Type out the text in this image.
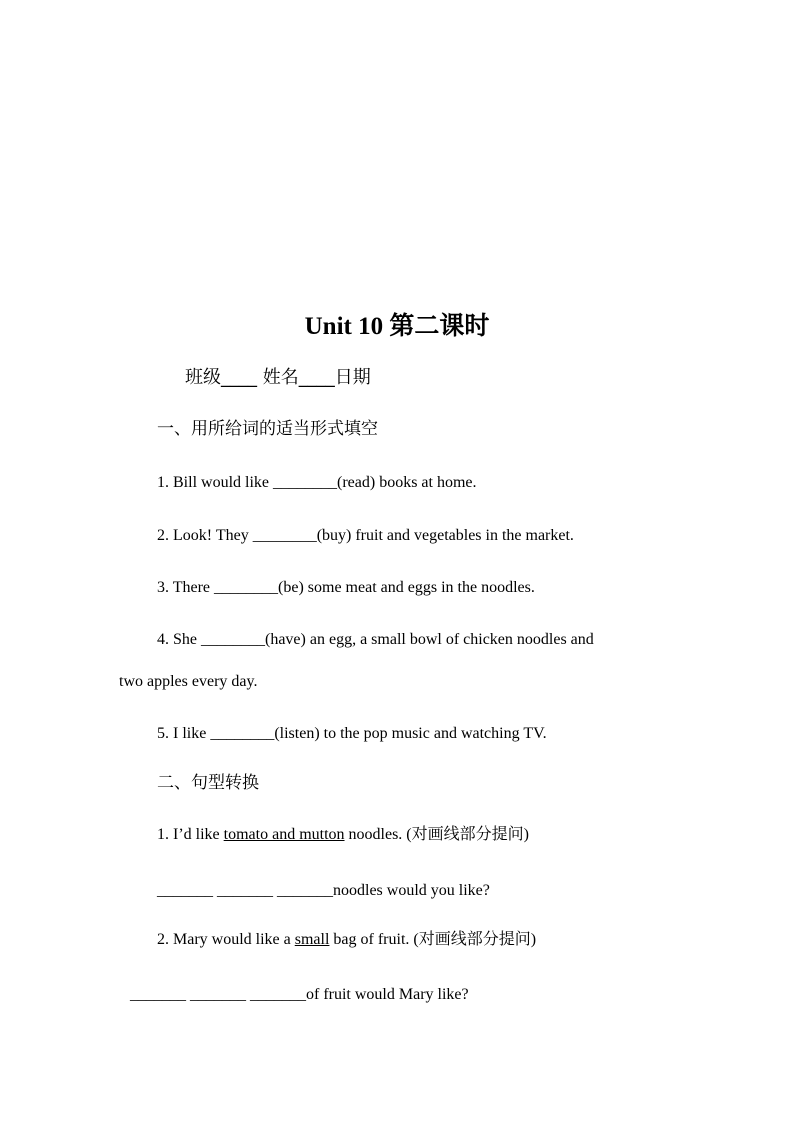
Unit 10 第二课时
班级____ 姓名____日期
一、用所给词的适当形式填空
1. Bill would like ________(read) books at home.
2. Look! They ________(buy) fruit and vegetables in the market.
3. There ________(be) some meat and eggs in the noodles.
4. She ________(have) an egg, a small bowl of chicken noodles and
two apples every day.
5. I like ________(listen) to the pop music and watching TV.
二、句型转换
1. I’d like tomato and mutton noodles. (对画线部分提问)
_______ _______ _______noodles would you like?
2. Mary would like a small bag of fruit. (对画线部分提问)
_______ _______ _______of fruit would Mary like?
